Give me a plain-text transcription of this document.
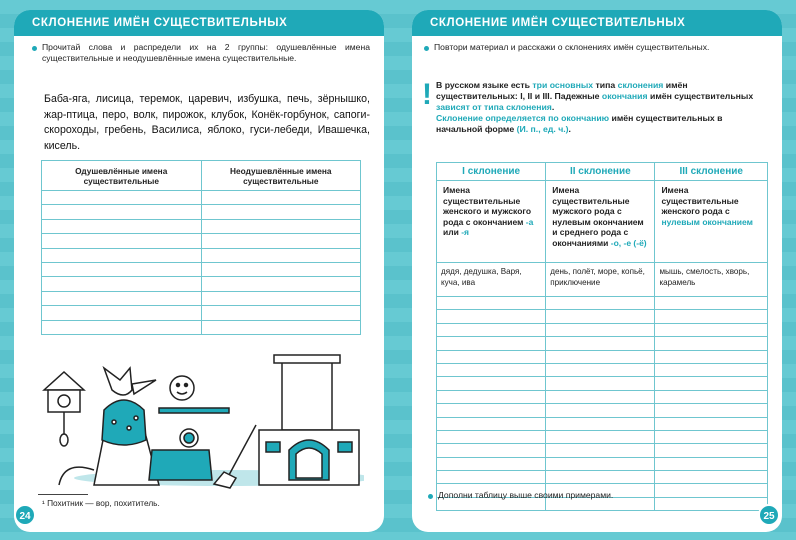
СКЛОНЕНИЕ ИМЁН СУЩЕСТВИТЕЛЬНЫХ
Прочитай слова и распредели их на 2 группы: одушевлённые имена существительные и неодушевлённые имена существительные.
Баба-яга, лисица, теремок, царевич, избушка, печь, зёрнышко, жар-птица, перо, волк, пирожок, клубок, Конёк-горбунок, сапоги-скороходы, гребень, Василиса, яблоко, гуси-лебеди, Ивашечка, кисель.
Одушевлённые имена существительные	Неодушевлённые имена существительные

¹ Похитник — вор, похититель.
СКЛОНЕНИЕ ИМЁН СУЩЕСТВИТЕЛЬНЫХ
Повтори материал и расскажи о склонениях имён существительных.
! В русском языке есть три основных типа склонения имён существительных: I, II и III. Падежные окончания имён существительных зависят от типа склонения.
Склонение определяется по окончанию имён существительных в начальной форме (И. п., ед. ч.).
I склонение	II склонение	III склонение
Имена существительные женского и мужского рода с окончанием -а или -я	Имена существительные мужского рода с нулевым окончанием и среднего рода с окончаниями -о, -е (-ё)	Имена существительные женского рода с нулевым окончанием
дядя, дедушка, Варя, куча, ива	день, полёт, море, копьё, приключение	мышь, смелость, хворь, карамель

Дополни таблицу выше своими примерами.
24	25
